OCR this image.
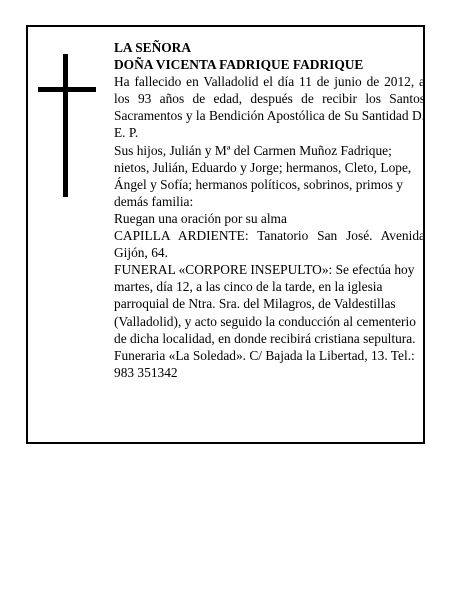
LA SEÑORA

DOÑA VICENTA FADRIQUE FADRIQUE

Ha fallecido en Valladolid el día 11 de junio de 2012, a los 93 años de edad, después de recibir los Santos Sacramentos y la Bendición Apostólica de Su Santidad D. E. P.

Sus hijos, Julián y Mª del Carmen Muñoz Fadrique; nietos, Julián, Eduardo y Jorge; hermanos, Cleto, Lope, Ángel y Sofía; hermanos políticos, sobrinos, primos y demás familia:

Ruegan una oración por su alma

CAPILLA ARDIENTE: Tanatorio San José. Avenida Gijón, 64.

FUNERAL «CORPORE INSEPULTO»: Se efectúa hoy martes, día 12, a las cinco de la tarde, en la iglesia parroquial de Ntra. Sra. del Milagros, de Valdestillas (Valladolid), y acto seguido la conducción al cementerio de dicha localidad, en donde recibirá cristiana sepultura.

Funeraria «La Soledad». C/ Bajada la Libertad, 13. Tel.: 983 351342
